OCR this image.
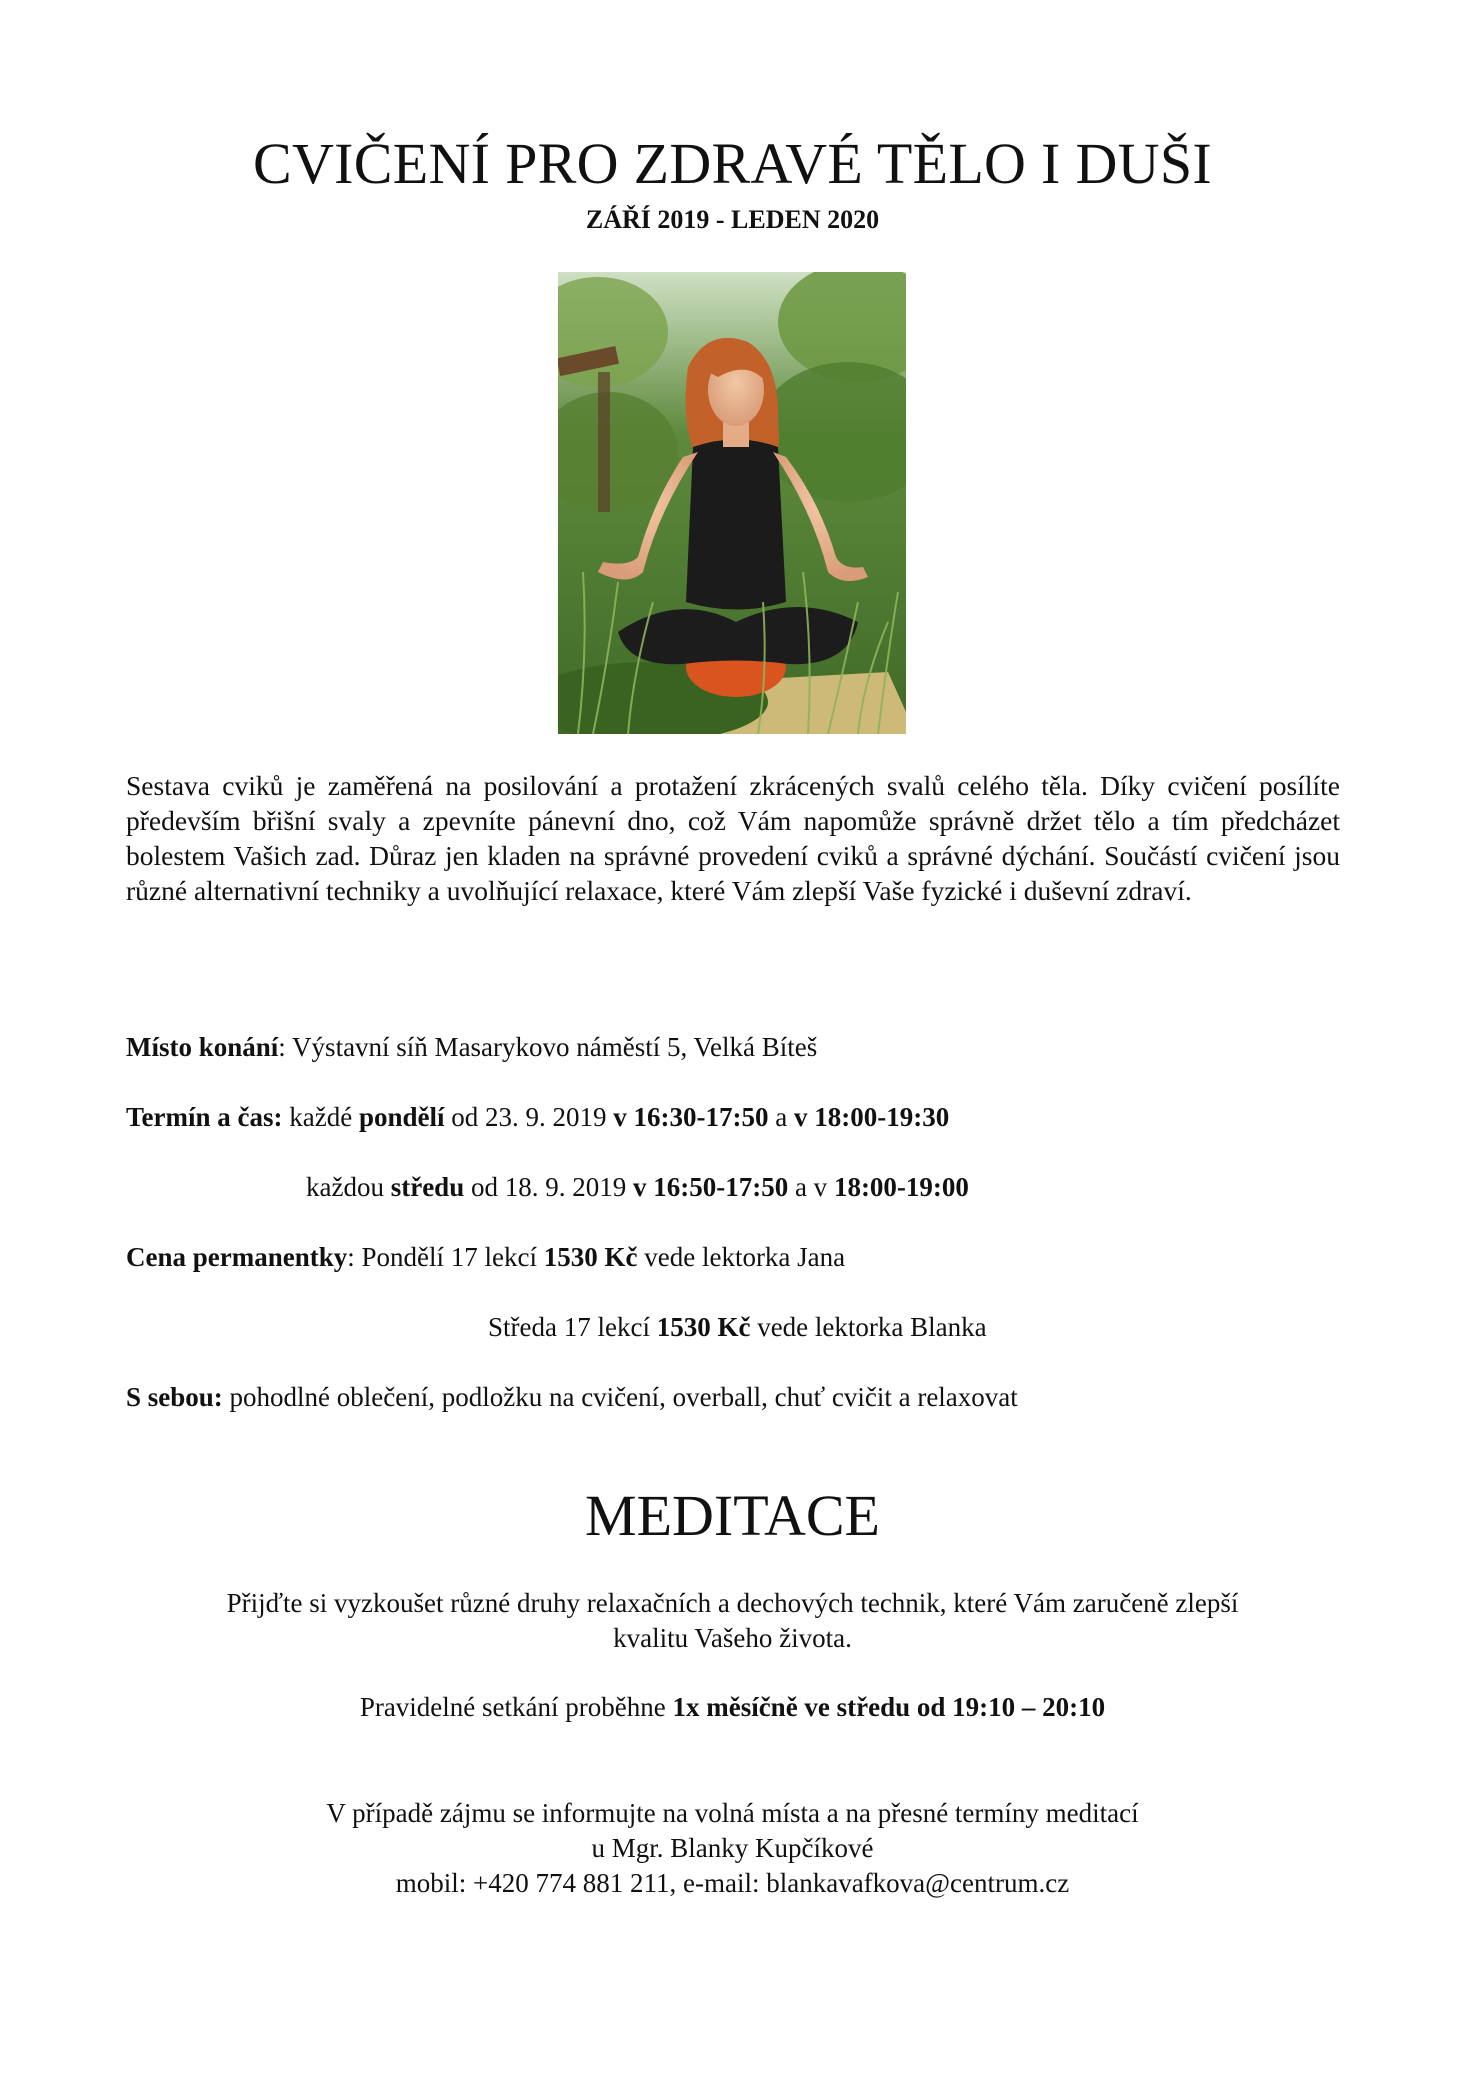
CVIČENÍ PRO ZDRAVÉ TĚLO I DUŠI
ZÁŘÍ 2019 - LEDEN 2020

Sestava cviků je zaměřená na posilování a protažení zkrácených svalů celého těla. Díky cvičení posílíte především břišní svaly a zpevníte pánevní dno, což Vám napomůže správně držet tělo a tím předcházet bolestem Vašich zad. Důraz jen kladen na správné provedení cviků a správné dýchání. Součástí cvičení jsou různé alternativní techniky a uvolňující relaxace, které Vám zlepší Vaše fyzické i duševní zdraví.

Místo konání: Výstavní síň Masarykovo náměstí 5, Velká Bíteš

Termín a čas: každé pondělí od 23. 9. 2019 v 16:30-17:50 a v 18:00-19:30

každou středu od 18. 9. 2019 v 16:50-17:50 a v 18:00-19:00

Cena permanentky: Pondělí 17 lekcí 1530 Kč vede lektorka Jana

Středa 17 lekcí 1530 Kč vede lektorka Blanka

S sebou: pohodlné oblečení, podložku na cvičení, overball, chuť cvičit a relaxovat

MEDITACE

Přijďte si vyzkoušet různé druhy relaxačních a dechových technik, které Vám zaručeně zlepší

kvalitu Vašeho života.

Pravidelné setkání proběhne 1x měsíčně ve středu od 19:10 – 20:10

V případě zájmu se informujte na volná místa a na přesné termíny meditací

u Mgr. Blanky Kupčíkové

mobil: +420 774 881 211, e-mail: blankavafkova@centrum.cz
